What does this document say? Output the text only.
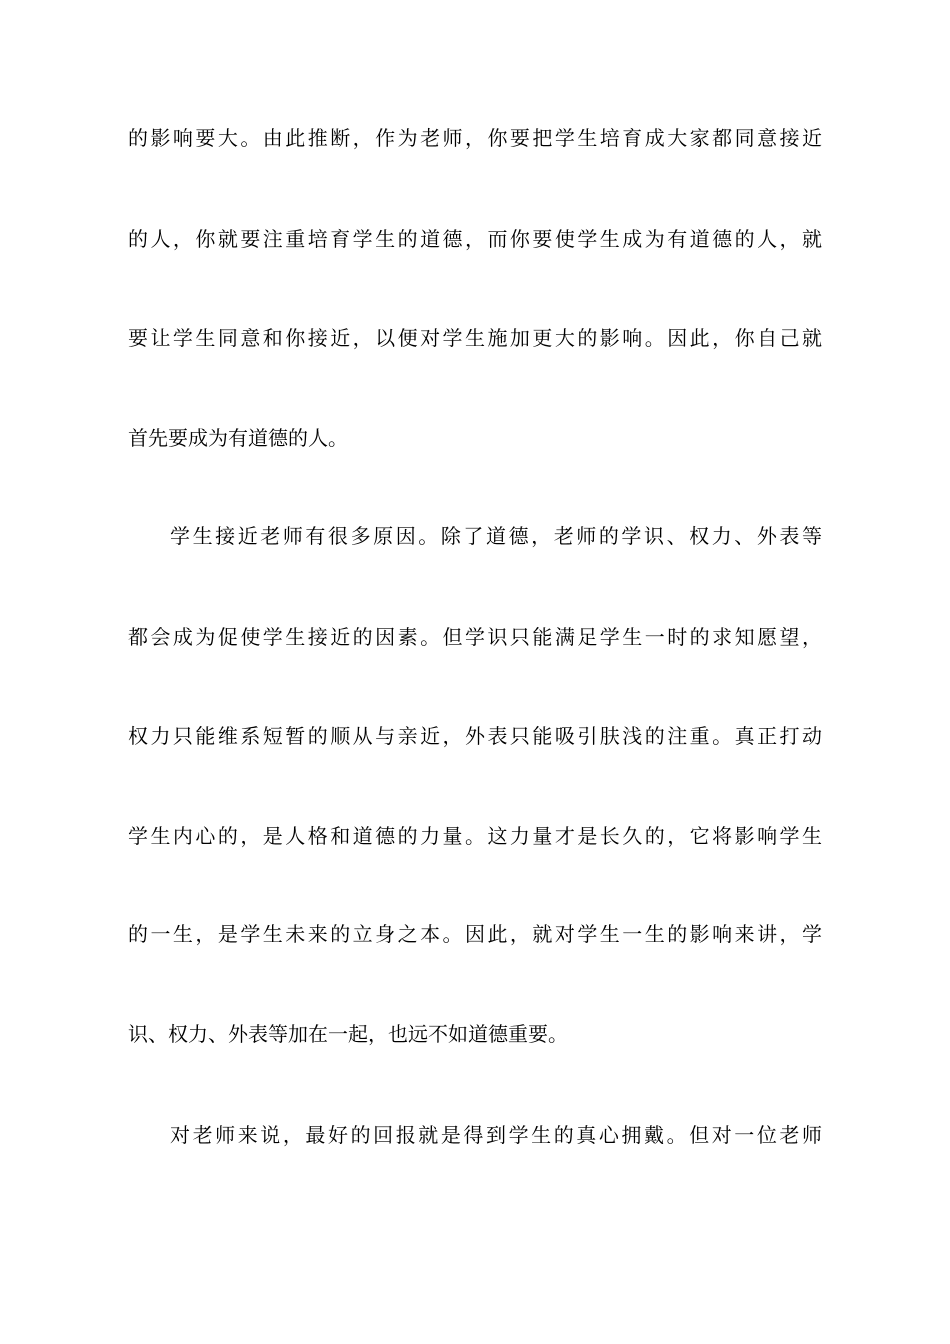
的影响要大。由此推断，作为老师，你要把学生培育成大家都同意接近
的人，你就要注重培育学生的道德，而你要使学生成为有道德的人，就
要让学生同意和你接近，以便对学生施加更大的影响。因此，你自己就
首先要成为有道德的人。
学生接近老师有很多原因。除了道德，老师的学识、权力、外表等
都会成为促使学生接近的因素。但学识只能满足学生一时的求知愿望，
权力只能维系短暂的顺从与亲近，外表只能吸引肤浅的注重。真正打动
学生内心的，是人格和道德的力量。这力量才是长久的，它将影响学生
的一生，是学生未来的立身之本。因此，就对学生一生的影响来讲，学
识、权力、外表等加在一起，也远不如道德重要。
对老师来说，最好的回报就是得到学生的真心拥戴。但对一位老师
